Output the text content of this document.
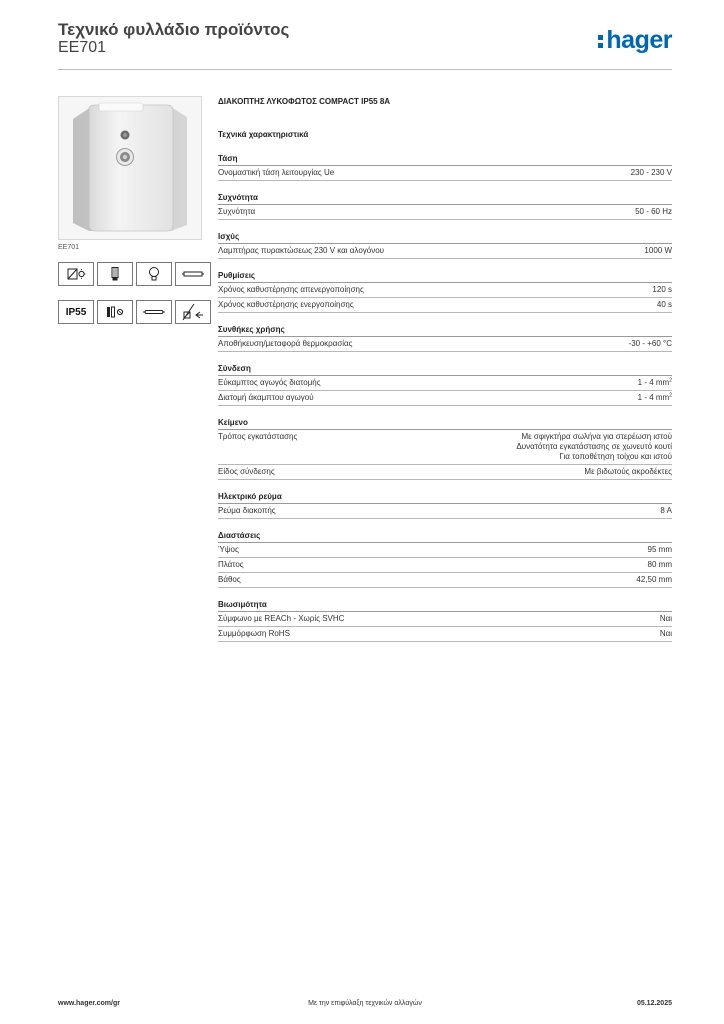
Τεχνικό φυλλάδιο προϊόντος
EE701	hager
EE701
IP55
ΔΙΑΚΟΠΤΗΣ ΛΥΚΟΦΩΤΟΣ COMPACT IP55 8A
Τεχνικά χαρακτηριστικά
Τάση
Ονομαστική τάση λειτουργίας Ue	230 - 230 V
Συχνότητα
Συχνότητα	50 - 60 Hz
Ισχύς
Λαμπτήρας πυρακτώσεως 230 V και αλογόνου	1000 W
Ρυθμίσεις
Χρόνος καθυστέρησης απενεργοποίησης	120 s
Χρόνος καθυστέρησης ενεργοποίησης	40 s
Συνθήκες χρήσης
Αποθήκευση/μεταφορά θερμοκρασίας	-30 - +60 °C
Σύνδεση
Εύκαμπτος αγωγός διατομής	1 - 4 $mm^2$
Διατομή άκαμπτου αγωγού	1 - 4 $mm^2$
Κείμενο
Τρόπος εγκατάστασης	Με σφιγκτήρα σωλήνα για στερέωση ιστού
Δυνατότητα εγκατάστασης σε χωνευτό κουτί
Για τοποθέτηση τοίχου και ιστού
Είδος σύνδεσης	Με βιδωτούς ακροδέκτες
Ηλεκτρικό ρεύμα
Ρεύμα διακοπής	8 A
Διαστάσεις
Ύψος	95 mm
Πλάτος	80 mm
Βάθος	42,50 mm
Βιωσιμότητα
Σύμφωνο με REACh - Χωρίς SVHC	Ναι
Συμμόρφωση RoHS	Ναι
www.hager.com/gr	Με την επιφύλαξη τεχνικών αλλαγών	05.12.2025
